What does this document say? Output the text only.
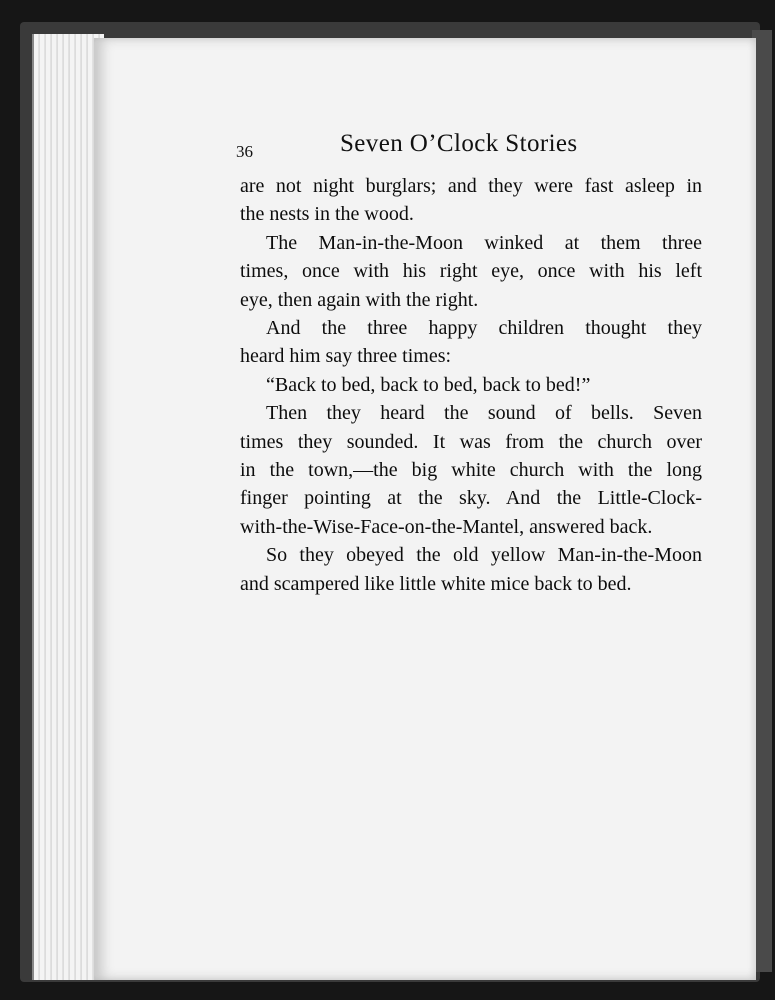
36	Seven O’Clock Stories

are not night burglars; and they were fast asleep in
the nests in the wood.

The Man-in-the-Moon winked at them three
times, once with his right eye, once with his left
eye, then again with the right.

And the three happy children thought they
heard him say three times:

“Back to bed, back to bed, back to bed!”

Then they heard the sound of bells. Seven
times they sounded. It was from the church over
in the town,—the big white church with the long
finger pointing at the sky. And the Little-Clock-
with-the-Wise-Face-on-the-Mantel, answered back.

So they obeyed the old yellow Man-in-the-Moon
and scampered like little white mice back to bed.
